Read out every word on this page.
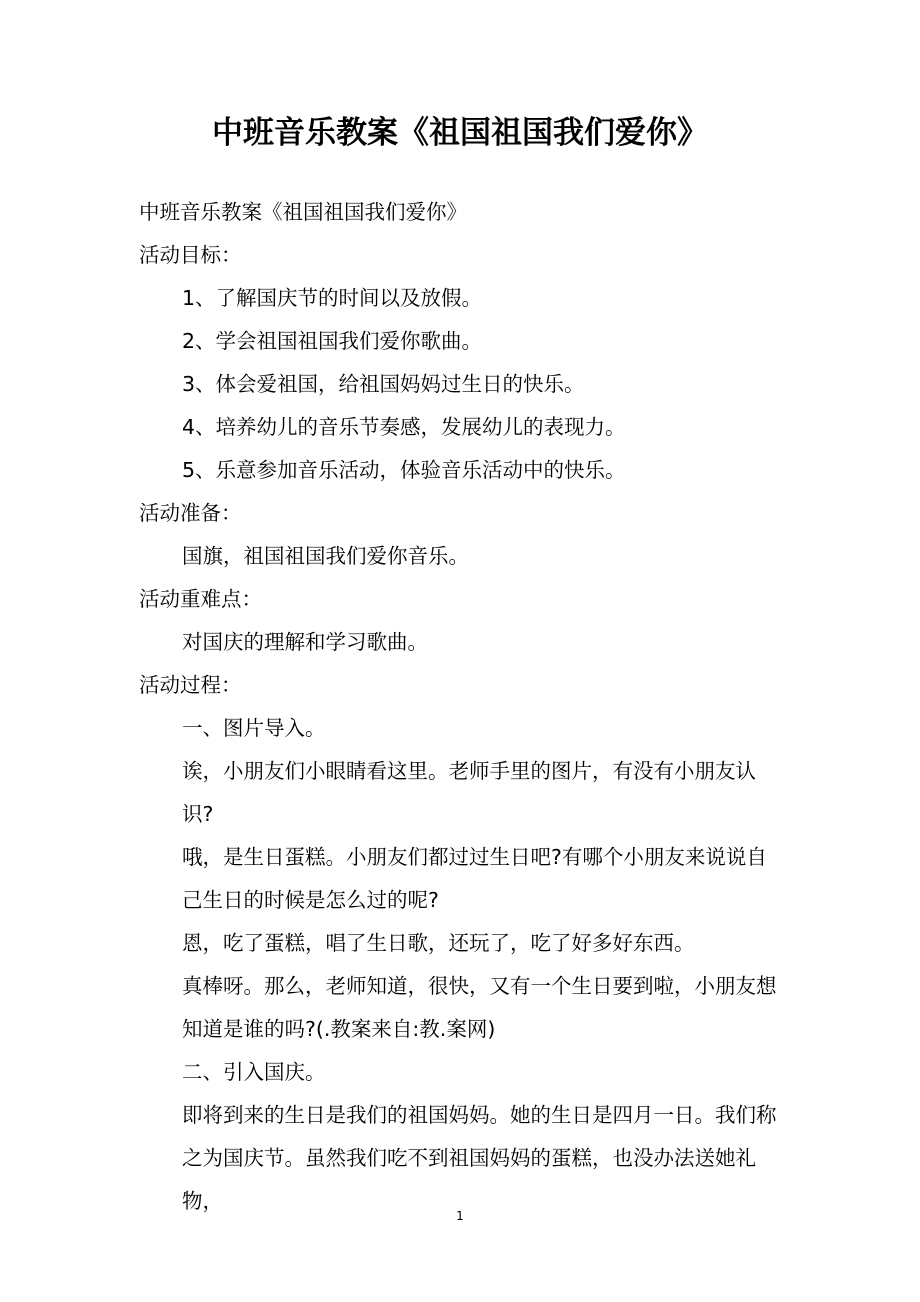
中班音乐教案《祖国祖国我们爱你》

中班音乐教案《祖国祖国我们爱你》

活动目标：

1、了解国庆节的时间以及放假。

2、学会祖国祖国我们爱你歌曲。

3、体会爱祖国，给祖国妈妈过生日的快乐。

4、培养幼儿的音乐节奏感，发展幼儿的表现力。

5、乐意参加音乐活动，体验音乐活动中的快乐。

活动准备：

国旗，祖国祖国我们爱你音乐。

活动重难点：

对国庆的理解和学习歌曲。

活动过程：

一、图片导入。

诶，小朋友们小眼睛看这里。老师手里的图片，有没有小朋友认识?

哦，是生日蛋糕。小朋友们都过过生日吧?有哪个小朋友来说说自己生日的时候是怎么过的呢?

恩，吃了蛋糕，唱了生日歌，还玩了，吃了好多好东西。

真棒呀。那么，老师知道，很快，又有一个生日要到啦，小朋友想知道是谁的吗?(.教案来自:教.案网)

二、引入国庆。

即将到来的生日是我们的祖国妈妈。她的生日是四月一日。我们称之为国庆节。虽然我们吃不到祖国妈妈的蛋糕，也没办法送她礼物，

1
